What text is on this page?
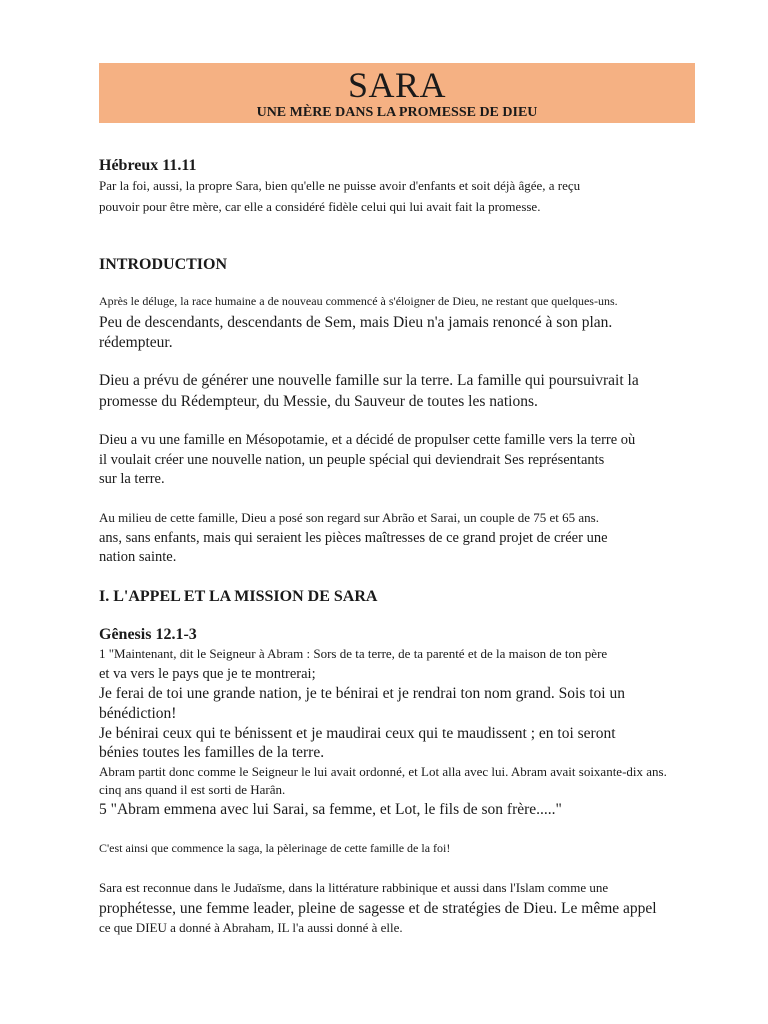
SARA
UNE MÈRE DANS LA PROMESSE DE DIEU
Hébreux 11.11
Par la foi, aussi, la propre Sara, bien qu'elle ne puisse avoir d'enfants et soit déjà âgée, a reçu
pouvoir pour être mère, car elle a considéré fidèle celui qui lui avait fait la promesse.
INTRODUCTION
Après le déluge, la race humaine a de nouveau commencé à s'éloigner de Dieu, ne restant que quelques-uns.
Peu de descendants, descendants de Sem, mais Dieu n'a jamais renoncé à son plan.
rédempteur.
Dieu a prévu de générer une nouvelle famille sur la terre. La famille qui poursuivrait la
promesse du Rédempteur, du Messie, du Sauveur de toutes les nations.
Dieu a vu une famille en Mésopotamie, et a décidé de propulser cette famille vers la terre où
il voulait créer une nouvelle nation, un peuple spécial qui deviendrait Ses représentants
sur la terre.
Au milieu de cette famille, Dieu a posé son regard sur Abrão et Sarai, un couple de 75 et 65 ans.
ans, sans enfants, mais qui seraient les pièces maîtresses de ce grand projet de créer une
nation sainte.
I. L'APPEL ET LA MISSION DE SARA
Gênesis 12.1-3
1 "Maintenant, dit le Seigneur à Abram : Sors de ta terre, de ta parenté et de la maison de ton père
et va vers le pays que je te montrerai;
Je ferai de toi une grande nation, je te bénirai et je rendrai ton nom grand. Sois toi un
bénédiction!
Je bénirai ceux qui te bénissent et je maudirai ceux qui te maudissent ; en toi seront
bénies toutes les familles de la terre.
Abram partit donc comme le Seigneur le lui avait ordonné, et Lot alla avec lui. Abram avait soixante-dix ans.
cinq ans quand il est sorti de Harân.
5 "Abram emmena avec lui Sarai, sa femme, et Lot, le fils de son frère....."
C'est ainsi que commence la saga, la pèlerinage de cette famille de la foi!
Sara est reconnue dans le Judaïsme, dans la littérature rabbinique et aussi dans l'Islam comme une
prophétesse, une femme leader, pleine de sagesse et de stratégies de Dieu. Le même appel
ce que DIEU a donné à Abraham, IL l'a aussi donné à elle.
